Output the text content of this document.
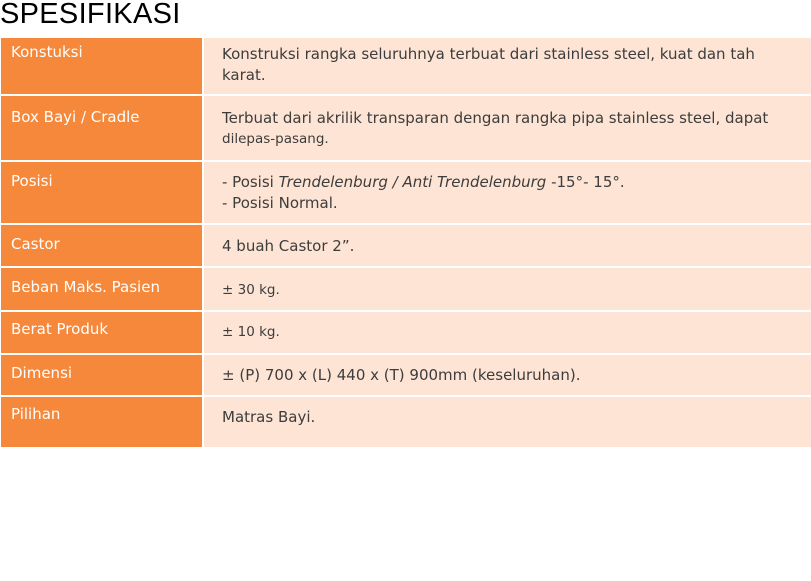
SPESIFIKASI
Konstuksi	Konstruksi rangka seluruhnya terbuat dari stainless steel, kuat dan tah
karat.
Box Bayi / Cradle	Terbuat dari akrilik transparan dengan rangka pipa stainless steel, dapat
dilepas-pasang.
Posisi	- Posisi Trendelenburg / Anti Trendelenburg -15°- 15°.
- Posisi Normal.
Castor	4 buah Castor 2”.
Beban Maks. Pasien	± 30 kg.
Berat Produk	± 10 kg.
Dimensi	± (P) 700 x (L) 440 x (T) 900mm (keseluruhan).
Pilihan	Matras Bayi.
